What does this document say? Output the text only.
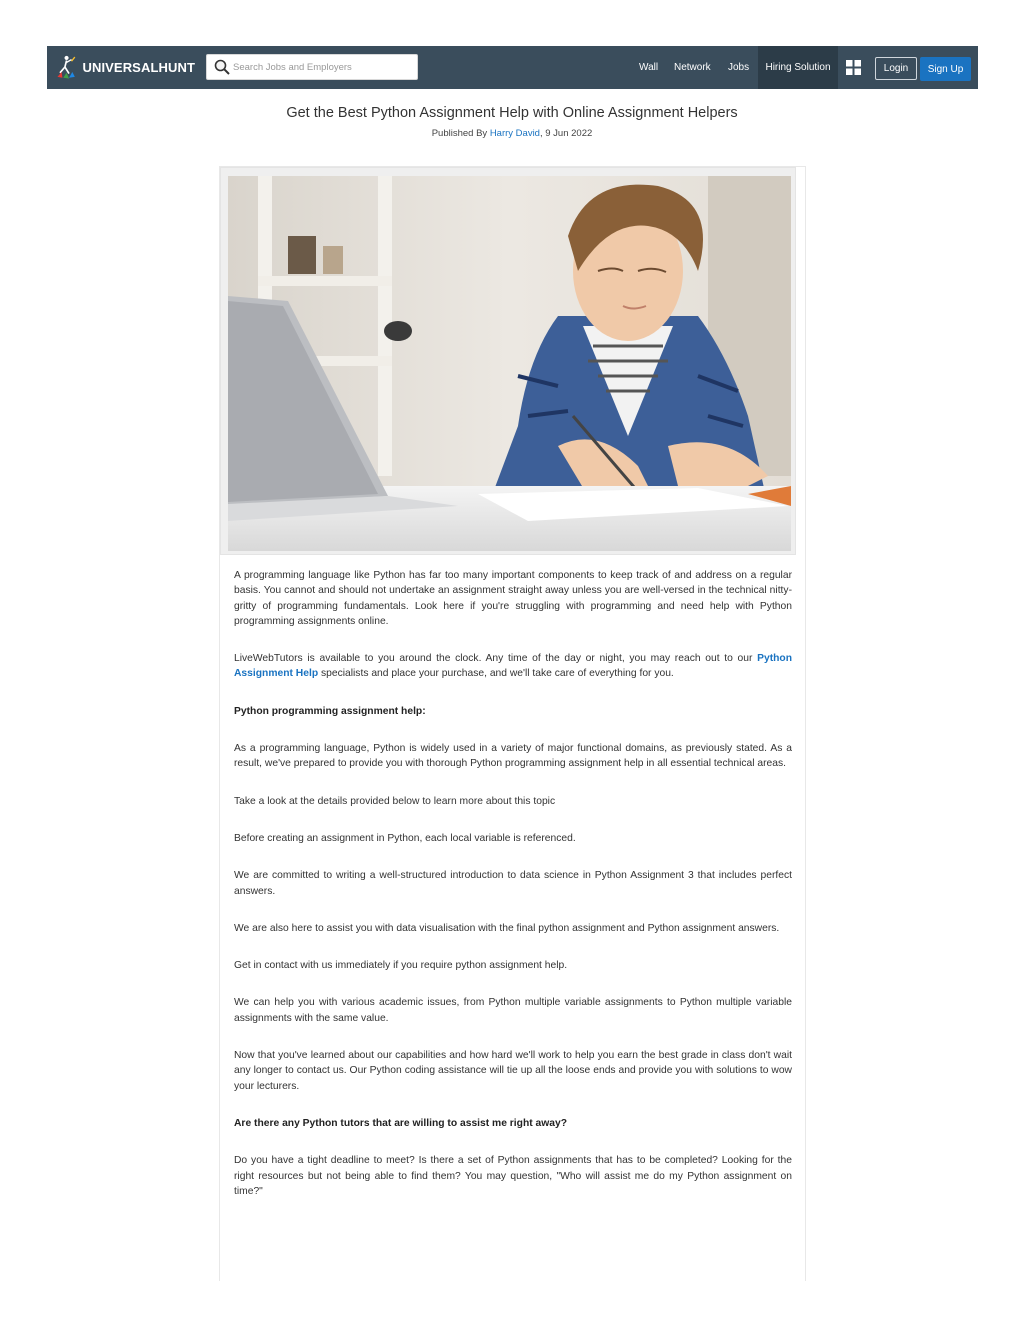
UNIVERSALHUNT
Search Jobs and Employers	Wall Network Jobs	Hiring Solution	Login	Sign Up
Get the Best Python Assignment Help with Online Assignment Helpers
Published By Harry David, 9 Jun 2022

A programming language like Python has far too many important components to keep track of and address on a regular basis. You cannot and should not undertake an assignment straight away unless you are well-versed in the technical nitty-gritty of programming fundamentals. Look here if you're struggling with programming and need help with Python programming assignments online.

LiveWebTutors is available to you around the clock. Any time of the day or night, you may reach out to our Python Assignment Help specialists and place your purchase, and we'll take care of everything for you.

Python programming assignment help:

As a programming language, Python is widely used in a variety of major functional domains, as previously stated. As a result, we've prepared to provide you with thorough Python programming assignment help in all essential technical areas.

Take a look at the details provided below to learn more about this topic

Before creating an assignment in Python, each local variable is referenced.

We are committed to writing a well-structured introduction to data science in Python Assignment 3 that includes perfect answers.

We are also here to assist you with data visualisation with the final python assignment and Python assignment answers.

Get in contact with us immediately if you require python assignment help.

We can help you with various academic issues, from Python multiple variable assignments to Python multiple variable assignments with the same value.

Now that you've learned about our capabilities and how hard we'll work to help you earn the best grade in class don't wait any longer to contact us. Our Python coding assistance will tie up all the loose ends and provide you with solutions to wow your lecturers.

Are there any Python tutors that are willing to assist me right away?

Do you have a tight deadline to meet? Is there a set of Python assignments that has to be completed? Looking for the right resources but not being able to find them? You may question, "Who will assist me do my Python assignment on time?"
